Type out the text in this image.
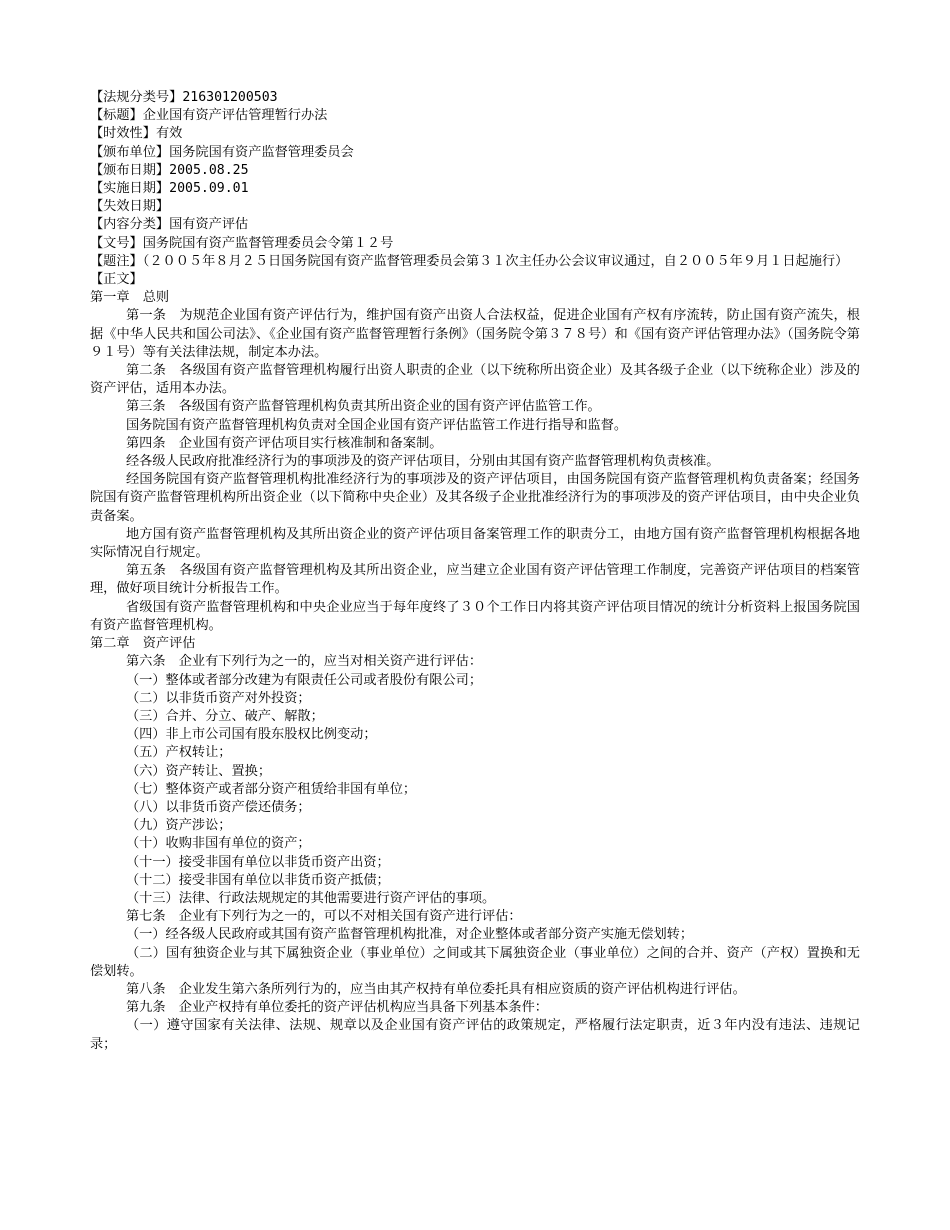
【法规分类号】216301200503
【标题】企业国有资产评估管理暂行办法
【时效性】有效
【颁布单位】国务院国有资产监督管理委员会
【颁布日期】2005.08.25
【实施日期】2005.09.01
【失效日期】
【内容分类】国有资产评估
【文号】国务院国有资产监督管理委员会令第１２号
【题注】（２００５年８月２５日国务院国有资产监督管理委员会第３１次主任办公会议审议通过，自２００５年９月１日起施行）
【正文】
第一章　总则
第一条　为规范企业国有资产评估行为，维护国有资产出资人合法权益，促进企业国有产权有序流转，防止国有资产流失，根据《中华人民共和国公司法》、《企业国有资产监督管理暂行条例》（国务院令第３７８号）和《国有资产评估管理办法》（国务院令第９１号）等有关法律法规，制定本办法。
第二条　各级国有资产监督管理机构履行出资人职责的企业（以下统称所出资企业）及其各级子企业（以下统称企业）涉及的资产评估，适用本办法。
第三条　各级国有资产监督管理机构负责其所出资企业的国有资产评估监管工作。
国务院国有资产监督管理机构负责对全国企业国有资产评估监管工作进行指导和监督。
第四条　企业国有资产评估项目实行核准制和备案制。
经各级人民政府批准经济行为的事项涉及的资产评估项目，分别由其国有资产监督管理机构负责核准。
经国务院国有资产监督管理机构批准经济行为的事项涉及的资产评估项目，由国务院国有资产监督管理机构负责备案；经国务院国有资产监督管理机构所出资企业（以下简称中央企业）及其各级子企业批准经济行为的事项涉及的资产评估项目，由中央企业负责备案。
地方国有资产监督管理机构及其所出资企业的资产评估项目备案管理工作的职责分工，由地方国有资产监督管理机构根据各地实际情况自行规定。
第五条　各级国有资产监督管理机构及其所出资企业，应当建立企业国有资产评估管理工作制度，完善资产评估项目的档案管理，做好项目统计分析报告工作。
省级国有资产监督管理机构和中央企业应当于每年度终了３０个工作日内将其资产评估项目情况的统计分析资料上报国务院国有资产监督管理机构。
第二章　资产评估
第六条　企业有下列行为之一的，应当对相关资产进行评估：
（一）整体或者部分改建为有限责任公司或者股份有限公司；
（二）以非货币资产对外投资；
（三）合并、分立、破产、解散；
（四）非上市公司国有股东股权比例变动；
（五）产权转让；
（六）资产转让、置换；
（七）整体资产或者部分资产租赁给非国有单位；
（八）以非货币资产偿还债务；
（九）资产涉讼；
（十）收购非国有单位的资产；
（十一）接受非国有单位以非货币资产出资；
（十二）接受非国有单位以非货币资产抵债；
（十三）法律、行政法规规定的其他需要进行资产评估的事项。
第七条　企业有下列行为之一的，可以不对相关国有资产进行评估：
（一）经各级人民政府或其国有资产监督管理机构批准，对企业整体或者部分资产实施无偿划转；
（二）国有独资企业与其下属独资企业（事业单位）之间或其下属独资企业（事业单位）之间的合并、资产（产权）置换和无偿划转。
第八条　企业发生第六条所列行为的，应当由其产权持有单位委托具有相应资质的资产评估机构进行评估。
第九条　企业产权持有单位委托的资产评估机构应当具备下列基本条件：
（一）遵守国家有关法律、法规、规章以及企业国有资产评估的政策规定，严格履行法定职责，近３年内没有违法、违规记录；
